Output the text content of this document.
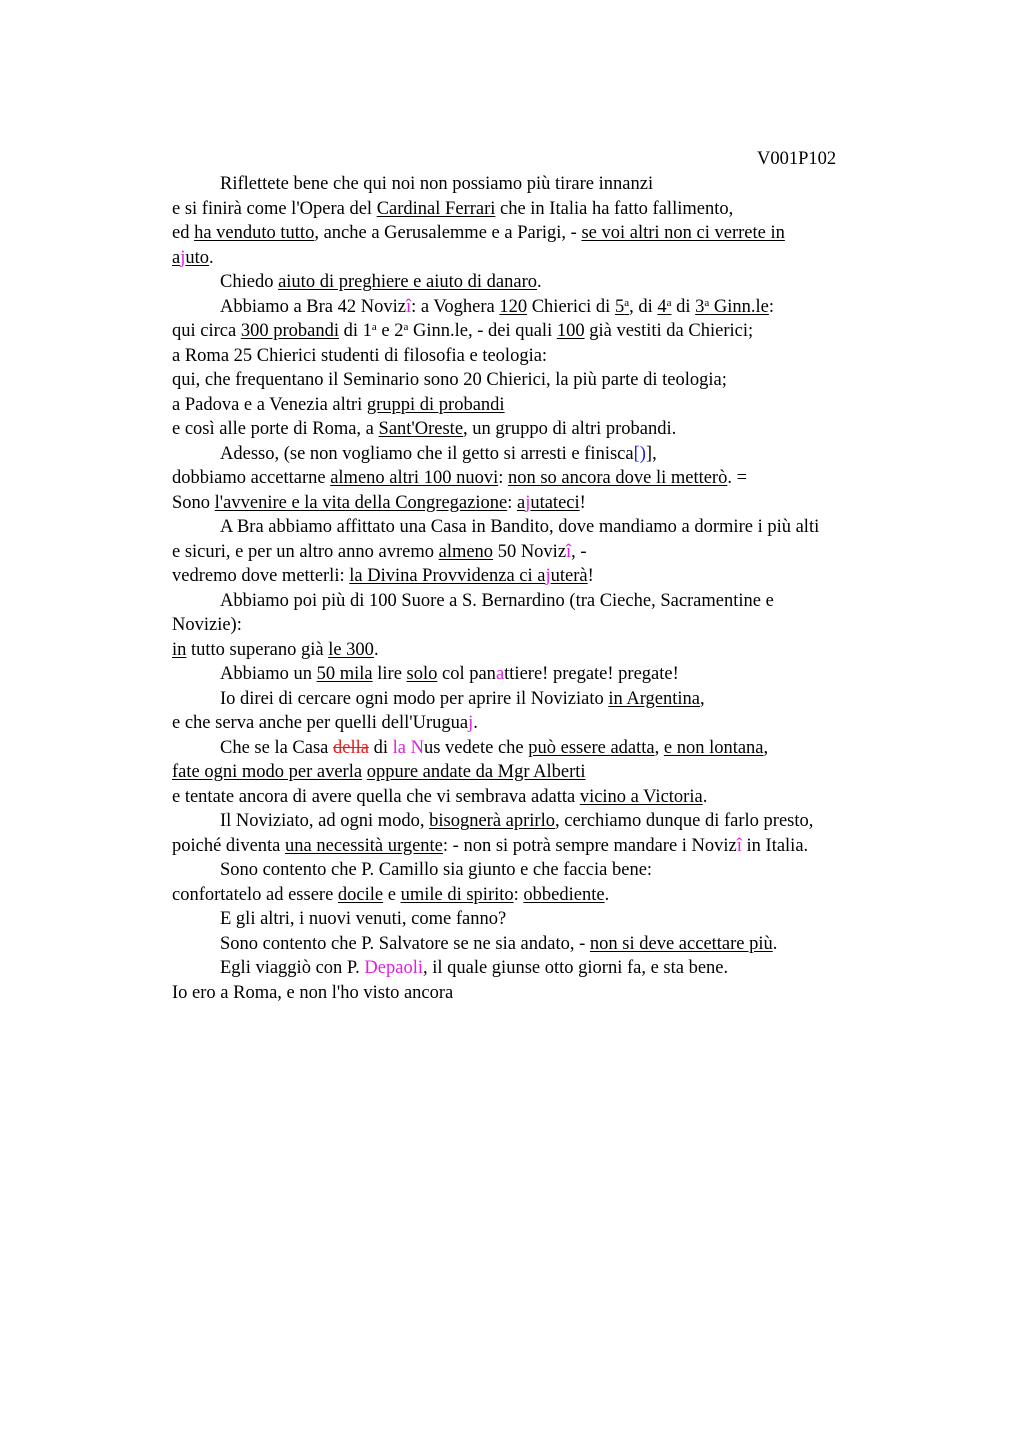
V001P102
Riflettete bene che qui noi non possiamo più tirare innanzi
e si finirà come l'Opera del Cardinal Ferrari che in Italia ha fatto fallimento,
ed ha venduto tutto, anche a Gerusalemme e a Parigi, - se voi altri non ci verrete in
ajuto.
Chiedo aiuto di preghiere e aiuto di danaro.
Abbiamo a Bra 42 Novizî: a Voghera 120 Chierici di 5$^a$, di 4$^a$ di 3$^a$ Ginn.le:
qui circa 300 probandi di 1$^a$ e 2$^a$ Ginn.le, - dei quali 100 già vestiti da Chierici;
a Roma 25 Chierici studenti di filosofia e teologia:
qui, che frequentano il Seminario sono 20 Chierici, la più parte di teologia;
a Padova e a Venezia altri gruppi di probandi
e così alle porte di Roma, a Sant'Oreste, un gruppo di altri probandi.
Adesso, (se non vogliamo che il getto si arresti e finisca[)],
dobbiamo accettarne almeno altri 100 nuovi: non so ancora dove li metterò. =
Sono l'avvenire e la vita della Congregazione: ajutateci!
A Bra abbiamo affittato una Casa in Bandito, dove mandiamo a dormire i più alti
e sicuri, e per un altro anno avremo almeno 50 Novizî, -
vedremo dove metterli: la Divina Provvidenza ci ajuterà!
Abbiamo poi più di 100 Suore a S. Bernardino (tra Cieche, Sacramentine e
Novizie):
in tutto superano già le 300.
Abbiamo un 50 mila lire solo col panattiere! pregate! pregate!
Io direi di cercare ogni modo per aprire il Noviziato in Argentina,
e che serva anche per quelli dell'Uruguaj.
Che se la Casa della di la Nus vedete che può essere adatta, e non lontana,
fate ogni modo per averla oppure andate da Mgr Alberti
e tentate ancora di avere quella che vi sembrava adatta vicino a Victoria.
Il Noviziato, ad ogni modo, bisognerà aprirlo, cerchiamo dunque di farlo presto,
poiché diventa una necessità urgente: - non si potrà sempre mandare i Novizî in Italia.
Sono contento che P. Camillo sia giunto e che faccia bene:
confortatelo ad essere docile e umile di spirito: obbediente.
E gli altri, i nuovi venuti, come fanno?
Sono contento che P. Salvatore se ne sia andato, - non si deve accettare più.
Egli viaggiò con P. Depaoli, il quale giunse otto giorni fa, e sta bene.
Io ero a Roma, e non l'ho visto ancora
